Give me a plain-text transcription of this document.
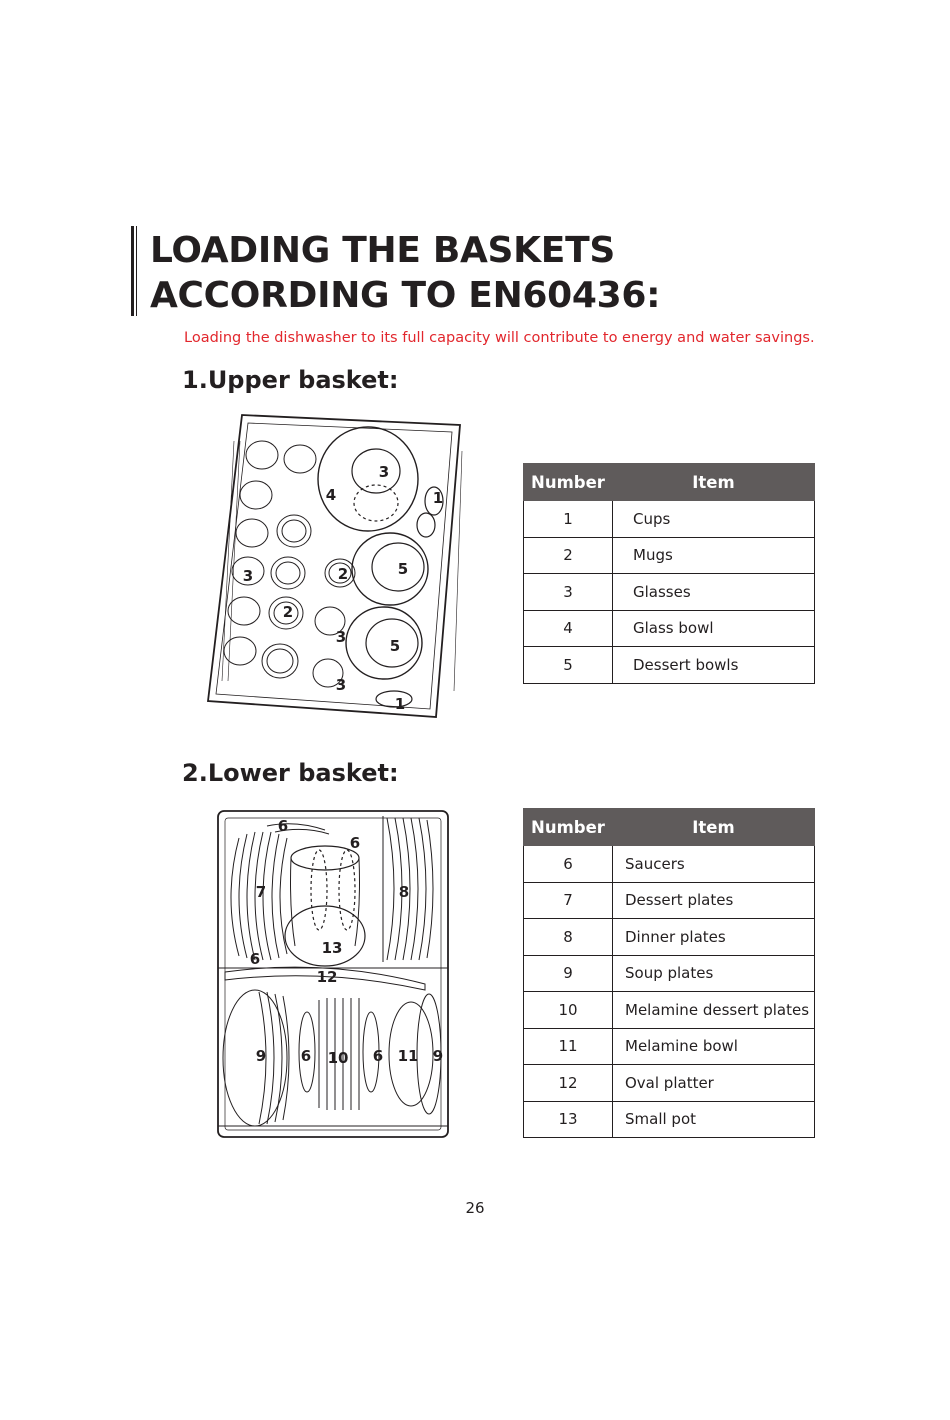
LOADING THE BASKETS
ACCORDING TO EN60436:
Loading the dishwasher to its full capacity will contribute to energy and water savings.
1.Upper basket:
3
4	1
3	2	5
2
3	5
3
1
Number	Item
1	Cups
2	Mugs
3	Glasses
4	Glass bowl
5	Dessert bowls
2.Lower basket:
6
6
7	8
13
6
12
9 6 10 6 11 9
Number	Item
6	Saucers
7	Dessert plates
8	Dinner plates
9	Soup plates
10	Melamine dessert plates
11	Melamine bowl
12	Oval platter
13	Small pot
26
